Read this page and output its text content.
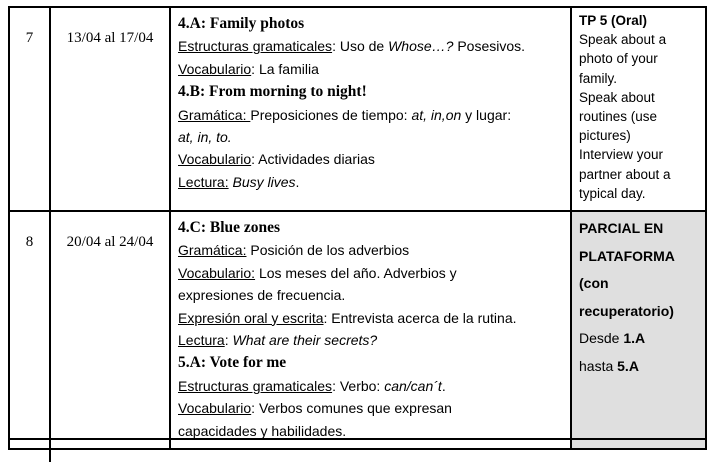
7	13/04 al 17/04
4.A: Family photos
Estructuras gramaticales: Uso de Whose…? Posesivos.
Vocabulario: La familia
4.B: From morning to night!
Gramática: Preposiciones de tiempo: at, in,on y lugar:
at, in, to.
Vocabulario: Actividades diarias
Lectura: Busy lives.
TP 5 (Oral)
Speak about a
photo of your
family.
Speak about
routines (use
pictures)
Interview your
partner about a
typical day.
8	20/04 al 24/04
4.C: Blue zones
Gramática: Posición de los adverbios
Vocabulario: Los meses del año. Adverbios y
expresiones de frecuencia.
Expresión oral y escrita: Entrevista acerca de la rutina.
Lectura: What are their secrets?
5.A: Vote for me
Estructuras gramaticales: Verbo: can/can´t.
Vocabulario: Verbos comunes que expresan
capacidades y habilidades.
PARCIAL EN
PLATAFORMA
(con
recuperatorio)
Desde 1.A
hasta 5.A
